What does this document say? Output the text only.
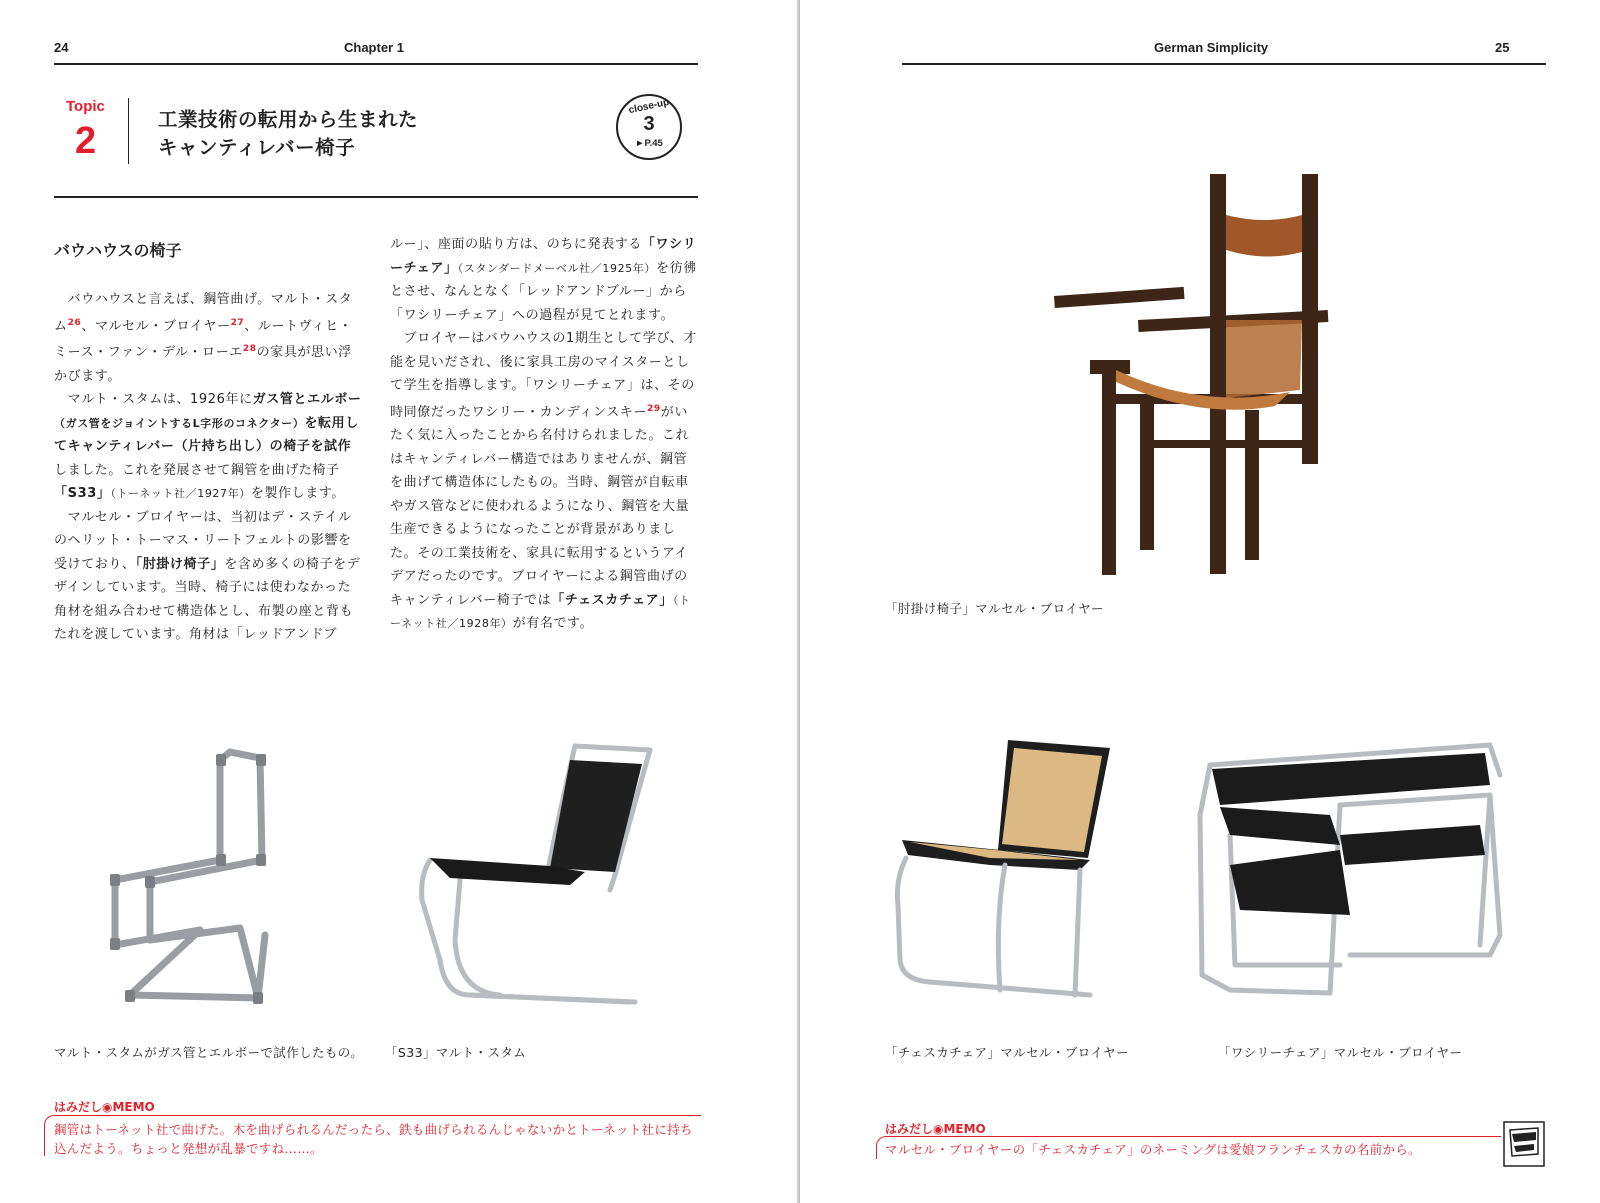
24	Chapter 1
Topic
2
工業技術の転用から生まれた
キャンティレバー椅子
close-up
3
►P.45
バウハウスの椅子

　バウハウスと言えば、鋼管曲げ。マルト・スタム$^{26}$、マルセル・ブロイヤー$^{27}$、ルートヴィヒ・ミース・ファン・デル・ローエ$^{28}$の家具が思い浮かびます。

　マルト・スタムは、1926年にガス管とエルボー（ガス管をジョイントするL字形のコネクター）を転用してキャンティレバー（片持ち出し）の椅子を試作しました。これを発展させて鋼管を曲げた椅子「S33」（トーネット社／1927年）を製作します。

　マルセル・ブロイヤーは、当初はデ・ステイルのヘリット・トーマス・リートフェルトの影響を受けており、「肘掛け椅子」を含め多くの椅子をデザインしています。当時、椅子には使わなかった角材を組み合わせて構造体とし、布製の座と背もたれを渡しています。角材は「レッドアンドブ

ルー」、座面の貼り方は、のちに発表する「ワシリーチェア」（スタンダードメーベル社／1925年）を彷彿とさせ、なんとなく「レッドアンドブルー」から「ワシリーチェア」への過程が見てとれます。

　ブロイヤーはバウハウスの1期生として学び、才能を見いだされ、後に家具工房のマイスターとして学生を指導します。「ワシリーチェア」は、その時同僚だったワシリー・カンディンスキー$^{29}$がいたく気に入ったことから名付けられました。これはキャンティレバー構造ではありませんが、鋼管を曲げて構造体にしたもの。当時、鋼管が自転車やガス管などに使われるようになり、鋼管を大量生産できるようになったことが背景がありました。その工業技術を、家具に転用するというアイデアだったのです。ブロイヤーによる鋼管曲げのキャンティレバー椅子では「チェスカチェア」（トーネット社／1928年）が有名です。

マルト・スタムがガス管とエルボーで試作したもの。 「S33」マルト・スタム
はみだし◉MEMO
鋼管はトーネット社で曲げた。木を曲げられるんだったら、鉄も曲げられるんじゃないかとトーネット社に持ち込んだよう。ちょっと発想が乱暴ですね……。
German Simplicity	25
「肘掛け椅子」マルセル・ブロイヤー
「チェスカチェア」マルセル・ブロイヤー	「ワシリーチェア」マルセル・ブロイヤー
はみだし◉MEMO
マルセル・ブロイヤーの「チェスカチェア」のネーミングは愛娘フランチェスカの名前から。
